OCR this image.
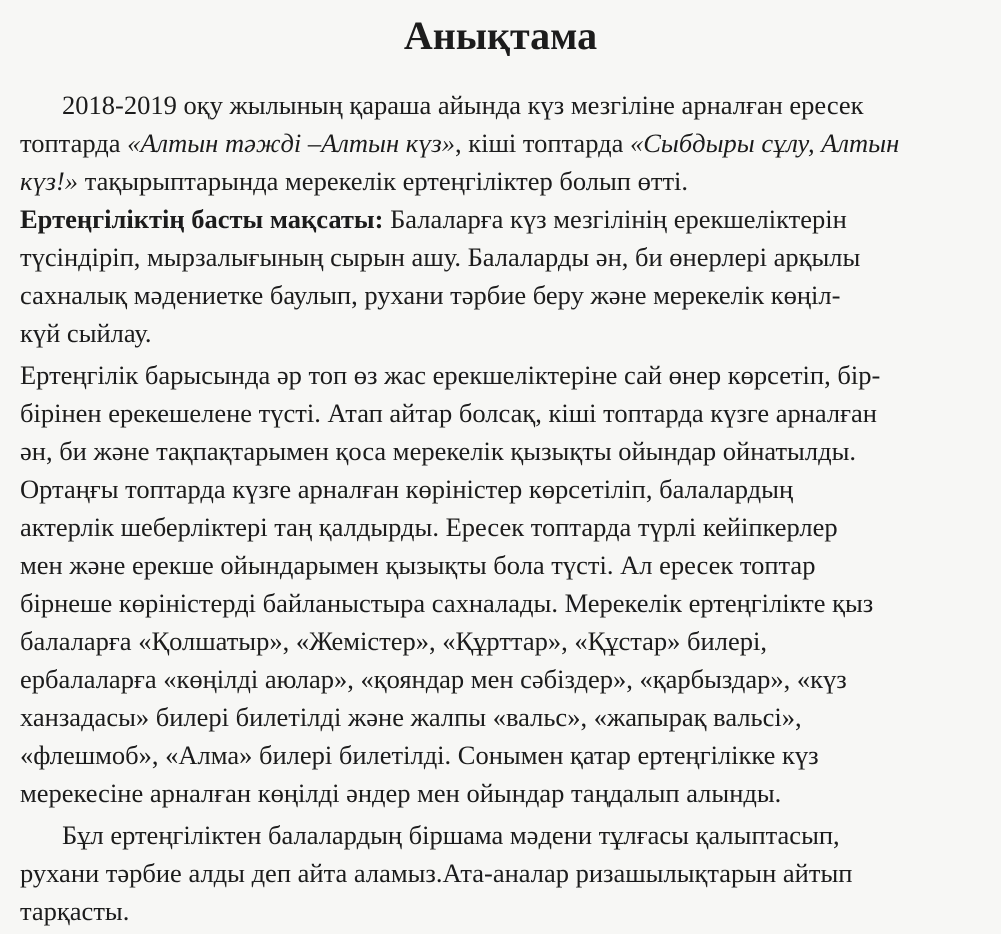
Анықтама
2018-2019 оқу жылының қараша айында күз мезгіліне арналған ересек
топтарда «Алтын тәжді –Алтын күз», кіші топтарда «Сыбдыры сұлу, Алтын
күз!» тақырыптарында мерекелік ертеңгіліктер болып өтті.
Ертеңгіліктің басты мақсаты: Балаларға күз мезгілінің ерекшеліктерін
түсіндіріп, мырзалығының сырын ашу. Балаларды ән, би өнерлері арқылы
сахналық мәдениетке баулып, рухани тәрбие беру және мерекелік көңіл-
күй сыйлау.
Ертеңгілік барысында әр топ өз жас ерекшеліктеріне сай өнер көрсетіп, бір-
бірінен ерекешелене түсті. Атап айтар болсақ, кіші топтарда күзге арналған
ән, би және тақпақтарымен қоса мерекелік қызықты ойындар ойнатылды.
Ортаңғы топтарда күзге арналған көріністер көрсетіліп, балалардың
актерлік шеберліктері таң қалдырды. Ересек топтарда түрлі кейіпкерлер
мен және ерекше ойындарымен қызықты бола түсті. Ал ересек топтар
бірнеше көріністерді байланыстыра сахналады. Мерекелік ертеңгілікте қыз
балаларға «Қолшатыр», «Жемістер», «Құрттар», «Құстар» билері,
ербалаларға «көңілді аюлар», «қояндар мен сәбіздер», «қарбыздар», «күз
ханзадасы» билері билетілді және жалпы «вальс», «жапырақ вальсі»,
«флешмоб», «Алма» билері билетілді. Сонымен қатар ертеңгілікке күз
мерекесіне арналған көңілді әндер мен ойындар таңдалып алынды.
Бұл ертеңгіліктен балалардың біршама мәдени тұлғасы қалыптасып,
рухани тәрбие алды деп айта аламыз.Ата-аналар ризашылықтарын айтып
тарқасты.
